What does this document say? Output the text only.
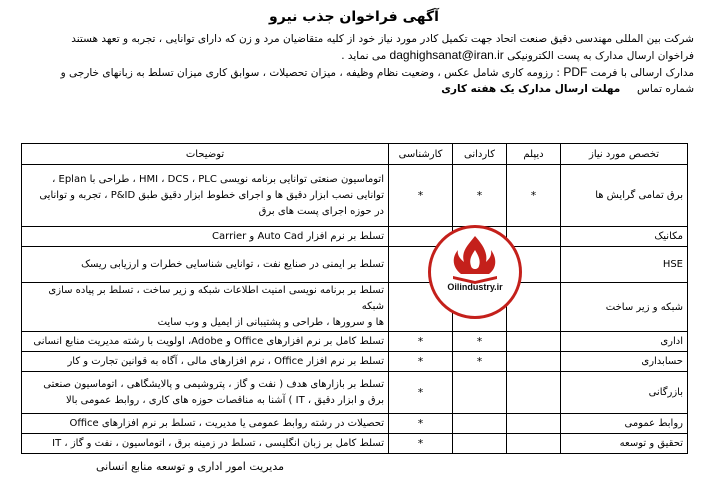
آگهی فراخوان جذب نیرو

شرکت بین المللی مهندسی دقیق صنعت اتحاد جهت تکمیل کادر مورد نیاز خود از کلیه متقاضیان مرد و زن که دارای توانایی ، تجربه و تعهد هستند

فراخوان ارسال مدارک به پست الکترونیکی daghighsanat@iran.ir می نماید .

مدارک ارسالی با فرمت PDF : رزومه کاری شامل عکس ، وضعیت نظام وظیفه ، میزان تحصیلات ، سوابق کاری میزان تسلط به زبانهای خارجی و

شماره تماس     مهلت ارسال مدارک یک هفته کاری

تخصص مورد نیاز	دیپلم	کاردانی	کارشناسی	توضیحات
برق تمامی گرایش ها	*	*	*	اتوماسیون صنعتی توانایی برنامه نویسی HMI ، DCS ، PLC ، طراحی با Eplan ،
توانایی نصب ابزار دقیق ها و اجرای خطوط ابزار دقیق طبق P&ID ، تجربه و توانایی
در حوزه اجرای پست های برق

مکانیک				تسلط بر نرم افزار Auto Cad و Carrier

HSE				تسلط بر ایمنی در صنایع نفت ، توانایی شناسایی خطرات و ارزیابی ریسک

شبکه و زیر ساخت				تسلط بر برنامه نویسی امنیت اطلاعات شبکه و زیر ساخت ، تسلط بر پیاده سازی شبکه
ها و سرورها ، طراحی و پشتیبانی از ایمیل و وب سایت

اداری		*	*	تسلط کامل بر نرم افزارهای Office و Adobe، اولویت با رشته مدیریت منابع انسانی

حسابداری		*	*	تسلط بر نرم افزار Office ، نرم افزارهای مالی ، آگاه به قوانین تجارت و کار

بازرگانی			*	تسلط بر بازارهای هدف ( نفت و گاز ، پتروشیمی و پالایشگاهی ، اتوماسیون صنعتی
برق و ابزار دقیق ، IT ) آشنا به مناقصات حوزه های کاری ، روابط عمومی بالا

روابط عمومی			*	تحصیلات در رشته روابط عمومی یا مدیریت ، تسلط بر نرم افزارهای Office

تحقیق و توسعه			*	تسلط کامل بر زبان انگلیسی ، تسلط در زمینه برق ، اتوماسیون ، نفت و گاز ، IT
Oilindustry.ir
مدیریت امور اداری و توسعه منابع انسانی
